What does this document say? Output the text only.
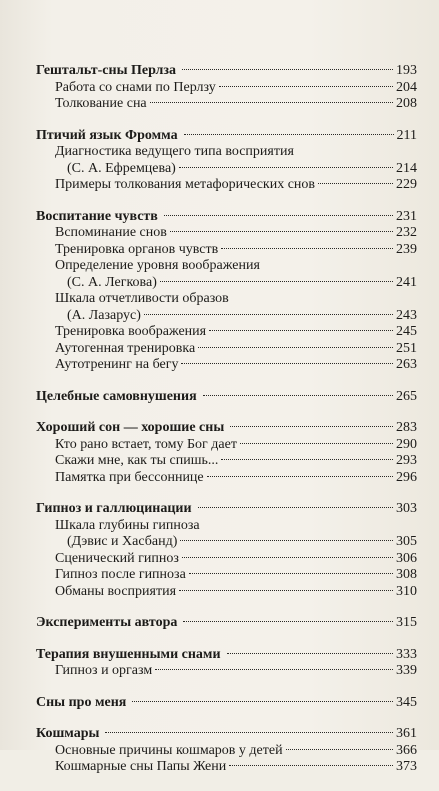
Гештальт-сны Перлза	193
Работа со снами по Перлзу	204
Толкование сна	208
Птичий язык Фромма	211
Диагностика ведущего типа восприятия
(С. А. Ефремцева)	214
Примеры толкования метафорических снов	229
Воспитание чувств	231
Вспоминание снов	232
Тренировка органов чувств	239
Определение уровня воображения
(С. А. Легкова)	241
Шкала отчетливости образов
(А. Лазарус)	243
Тренировка воображения	245
Аутогенная тренировка	251
Аутотренинг на бегу	263
Целебные самовнушения	265
Хороший сон — хорошие сны	283
Кто рано встает, тому Бог дает	290
Скажи мне, как ты спишь...	293
Памятка при бессоннице	296
Гипноз и галлюцинации	303
Шкала глубины гипноза
(Дэвис и Хасбанд)	305
Сценический гипноз	306
Гипноз после гипноза	308
Обманы восприятия	310
Эксперименты автора	315
Терапия внушенными снами	333
Гипноз и оргазм	339
Сны про меня	345
Кошмары	361
Основные причины кошмаров у детей	366
Кошмарные сны Папы Жени	373
